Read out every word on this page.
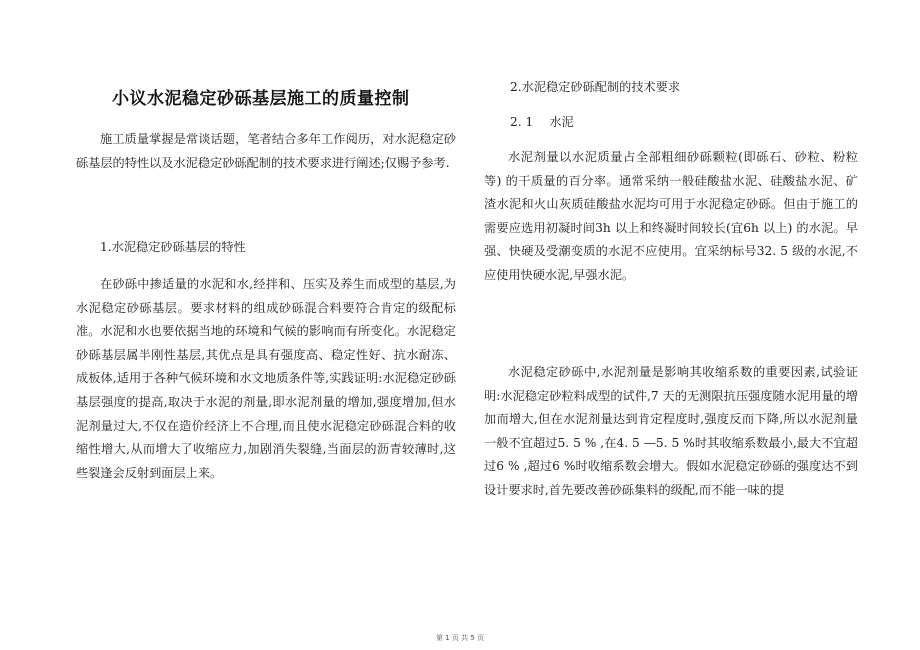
小议水泥稳定砂砾基层施工的质量控制

施工质量掌握是常谈话题，笔者结合多年工作阅历，对水泥稳定砂砾基层的特性以及水泥稳定砂砾配制的技术要求进行阐述;仅赐予参考.

1.水泥稳定砂砾基层的特性

在砂砾中掺适量的水泥和水,经拌和、压实及养生而成型的基层,为水泥稳定砂砾基层。要求材料的组成砂砾混合料要符合肯定的级配标准。水泥和水也要依据当地的环境和气候的影响而有所变化。水泥稳定砂砾基层属半刚性基层,其优点是具有强度高、稳定性好、抗水耐冻、成板体,适用于各种气候环境和水文地质条件等,实践证明:水泥稳定砂砾基层强度的提高,取决于水泥的剂量,即水泥剂量的增加,强度增加,但水泥剂量过大,不仅在造价经济上不合理,而且使水泥稳定砂砾混合料的收缩性增大,从而增大了收缩应力,加剧消失裂缝,当面层的沥青较薄时,这些裂逢会反射到面层上来。

2.水泥稳定砂砾配制的技术要求

2. 1　 水泥

水泥剂量以水泥质量占全部粗细砂砾颗粒(即砾石、砂粒、粉粒等) 的干质量的百分率。通常采纳一般硅酸盐水泥、硅酸盐水泥、矿渣水泥和火山灰质硅酸盐水泥均可用于水泥稳定砂砾。但由于施工的需要应选用初凝时间3h 以上和终凝时间较长(宜6h 以上) 的水泥。早强、快硬及受潮变质的水泥不应使用。宜采纳标号32. 5 级的水泥,不应使用快硬水泥,早强水泥。

水泥稳定砂砾中,水泥剂量是影响其收缩系数的重要因素,试验证明:水泥稳定砂粒料成型的试件,7 天的无测限抗压强度随水泥用量的增加而增大,但在水泥剂量达到肯定程度时,强度反而下降,所以水泥剂量一般不宜超过5. 5 % ,在4. 5 —5. 5 %时其收缩系数最小,最大不宜超过6 % ,超过6 %时收缩系数会增大。假如水泥稳定砂砾的强度达不到设计要求时,首先要改善砂砾集料的级配,而不能一味的提

第 1 页 共 5 页
